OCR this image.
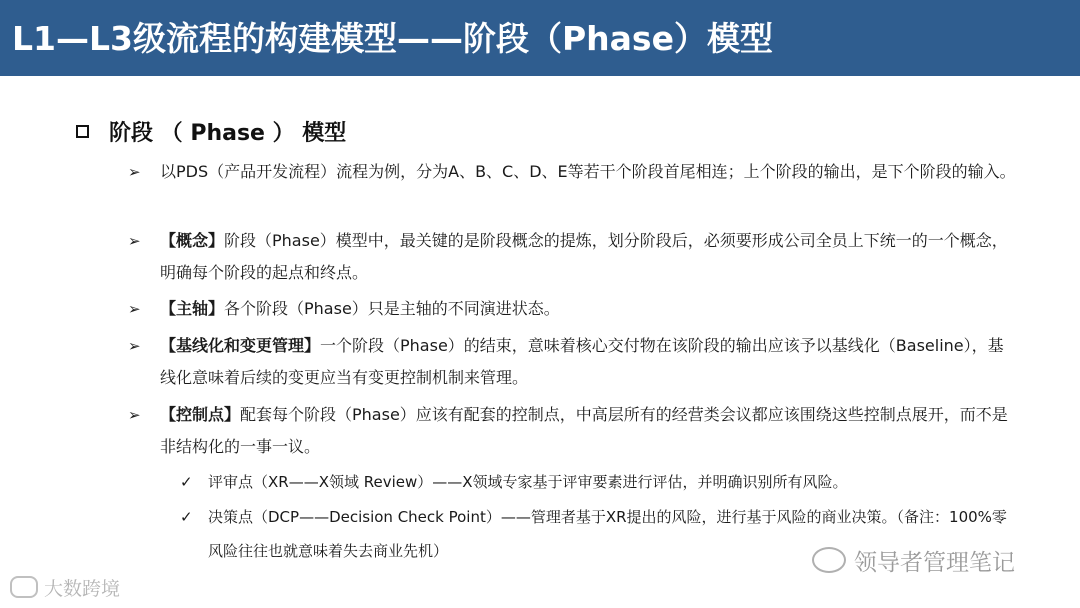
L1—L3级流程的构建模型——阶段（Phase）模型
阶段 （ Phase ） 模型
➢ 以PDS（产品开发流程）流程为例，分为A、B、C、D、E等若干个阶段首尾相连；上个阶段的输出，是下个阶段的输入。
➢ 【概念】阶段（Phase）模型中，最关键的是阶段概念的提炼，划分阶段后，必须要形成公司全员上下统一的一个概念，明确每个阶段的起点和终点。
➢ 【主轴】各个阶段（Phase）只是主轴的不同演进状态。
➢ 【基线化和变更管理】一个阶段（Phase）的结束，意味着核心交付物在该阶段的输出应该予以基线化（Baseline），基线化意味着后续的变更应当有变更控制机制来管理。
➢ 【控制点】配套每个阶段（Phase）应该有配套的控制点，中高层所有的经营类会议都应该围绕这些控制点展开，而不是非结构化的一事一议。
✓ 评审点（XR——X领域 Review）——X领域专家基于评审要素进行评估，并明确识别所有风险。
✓ 决策点（DCP——Decision Check Point）——管理者基于XR提出的风险，进行基于风险的商业决策。（备注：100%零风险往往也就意味着失去商业先机）	领导者管理笔记
大数跨境
